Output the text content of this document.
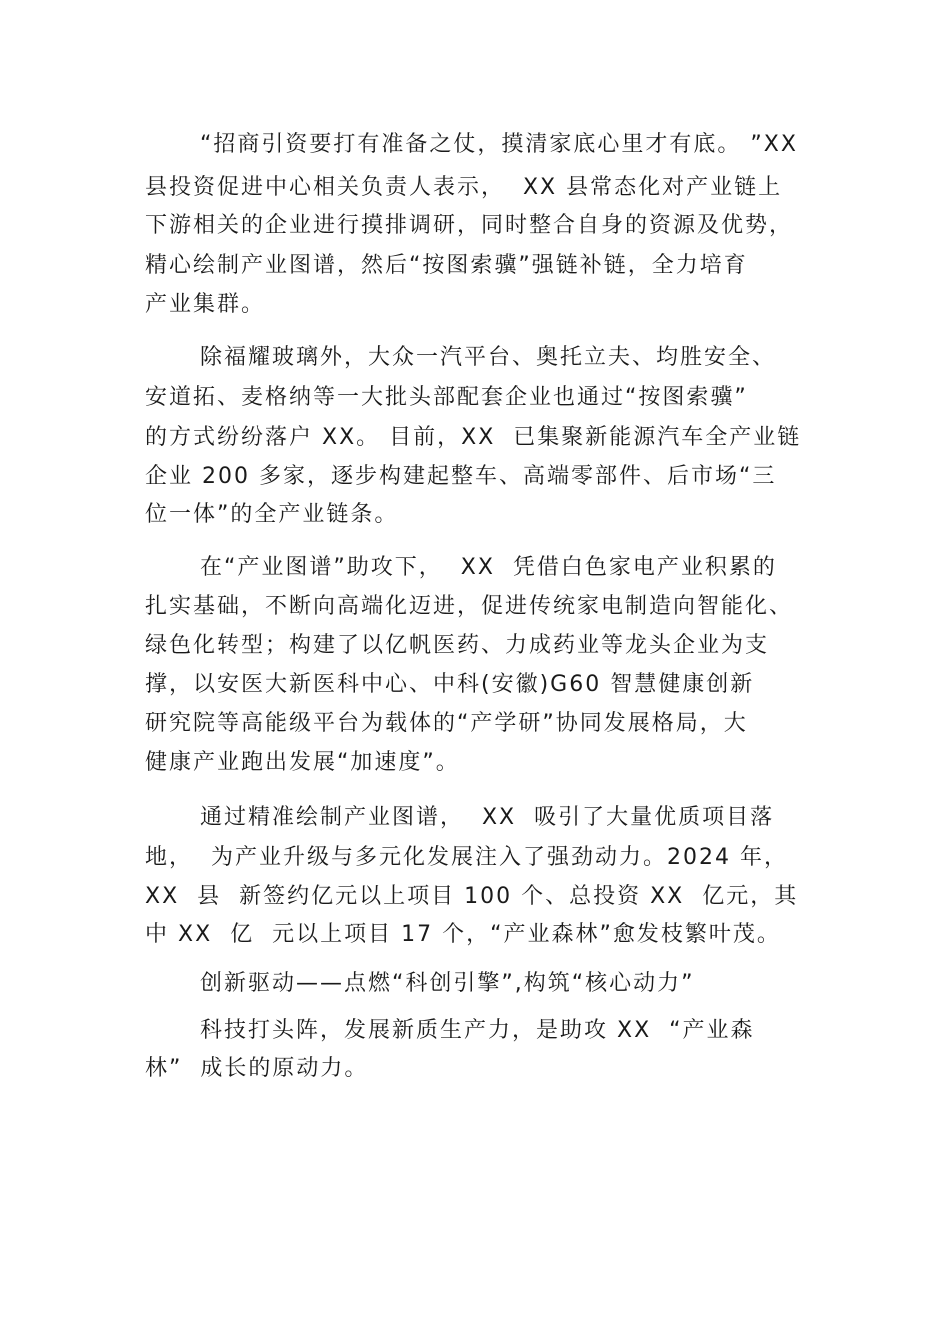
“招商引资要打有准备之仗，摸清家底心里才有底。 ”XX
县投资促进中心相关负责人表示，  XX 县常态化对产业链上
下游相关的企业进行摸排调研，同时整合自身的资源及优势，
精心绘制产业图谱，然后“按图索骥”强链补链，全力培育
产业集群。
除福耀玻璃外，大众一汽平台、奥托立夫、均胜安全、
安道拓、麦格纳等一大批头部配套企业也通过“按图索骥”
的方式纷纷落户 XX。 目前，XX  已集聚新能源汽车全产业链
企业 200 多家，逐步构建起整车、高端零部件、后市场“三
位一体”的全产业链条。
在“产业图谱”助攻下，  XX  凭借白色家电产业积累的
扎实基础，不断向高端化迈进，促进传统家电制造向智能化、
绿色化转型；构建了以亿帆医药、力成药业等龙头企业为支
撑，以安医大新医科中心、中科(安徽)G60 智慧健康创新
研究院等高能级平台为载体的“产学研”协同发展格局，大
健康产业跑出发展“加速度”。
通过精准绘制产业图谱，  XX  吸引了大量优质项目落
地，  为产业升级与多元化发展注入了强劲动力。2024 年，
XX  县  新签约亿元以上项目 100 个、总投资 XX  亿元，其
中 XX  亿  元以上项目 17 个，“产业森林”愈发枝繁叶茂。
创新驱动——点燃“科创引擎”,构筑“核心动力”
科技打头阵，发展新质生产力，是助攻 XX  “产业森
林”  成长的原动力。
